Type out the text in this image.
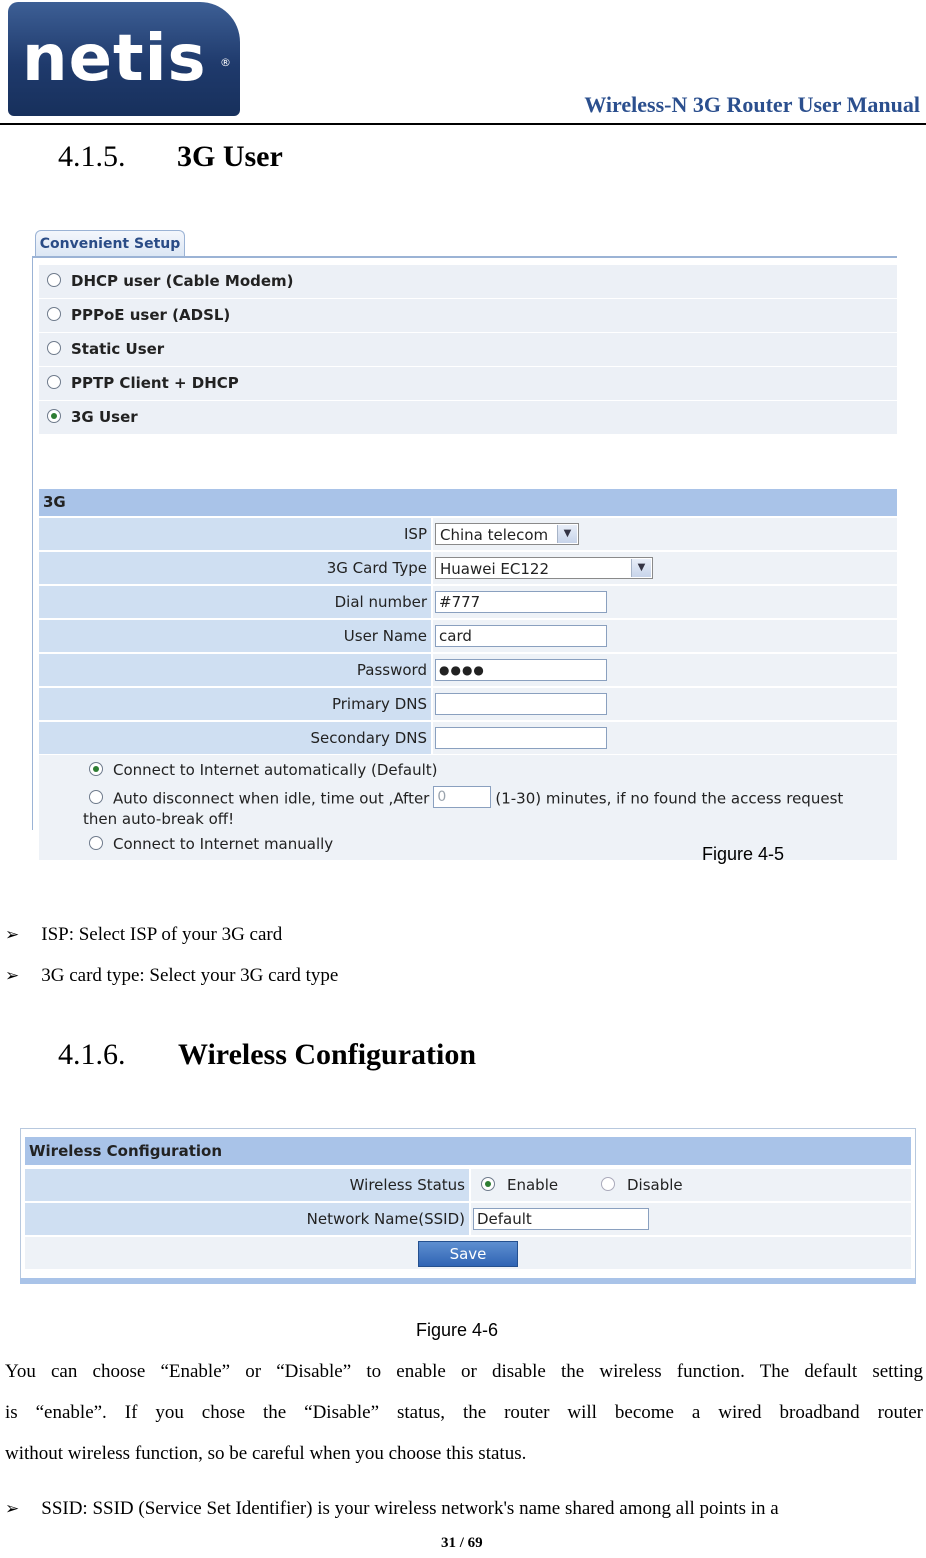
netis	®
Wireless-N 3G Router User Manual
4.1.5. 3G User
Convenient Setup
DHCP user (Cable Modem)
PPPoE user (ADSL)
Static User
PPTP Client + DHCP
3G User
3G
ISP China telecom	▼
3G Card Type Huawei EC122	▼
Dial number #777
User Name card
Password	●●●●
Primary DNS
Secondary DNS
Connect to Internet automatically (Default)
Auto disconnect when idle, time out ,After 0	(1-30) minutes, if no found the access request
then auto-break off!
Connect to Internet manually	Figure 4-5
➢ ISP: Select ISP of your 3G card
➢ 3G card type: Select your 3G card type
4.1.6. Wireless Configuration
Wireless Configuration
Wireless Status	Enable	Disable
Network Name(SSID) Default
Save
Figure 4-6
You can choose “Enable” or “Disable” to enable or disable the wireless function. The default setting
is “enable”. If you chose the “Disable” status, the router will become a wired broadband router
without wireless function, so be careful when you choose this status.
➢ SSID: SSID (Service Set Identifier) is your wireless network's name shared among all points in a
31 / 69
